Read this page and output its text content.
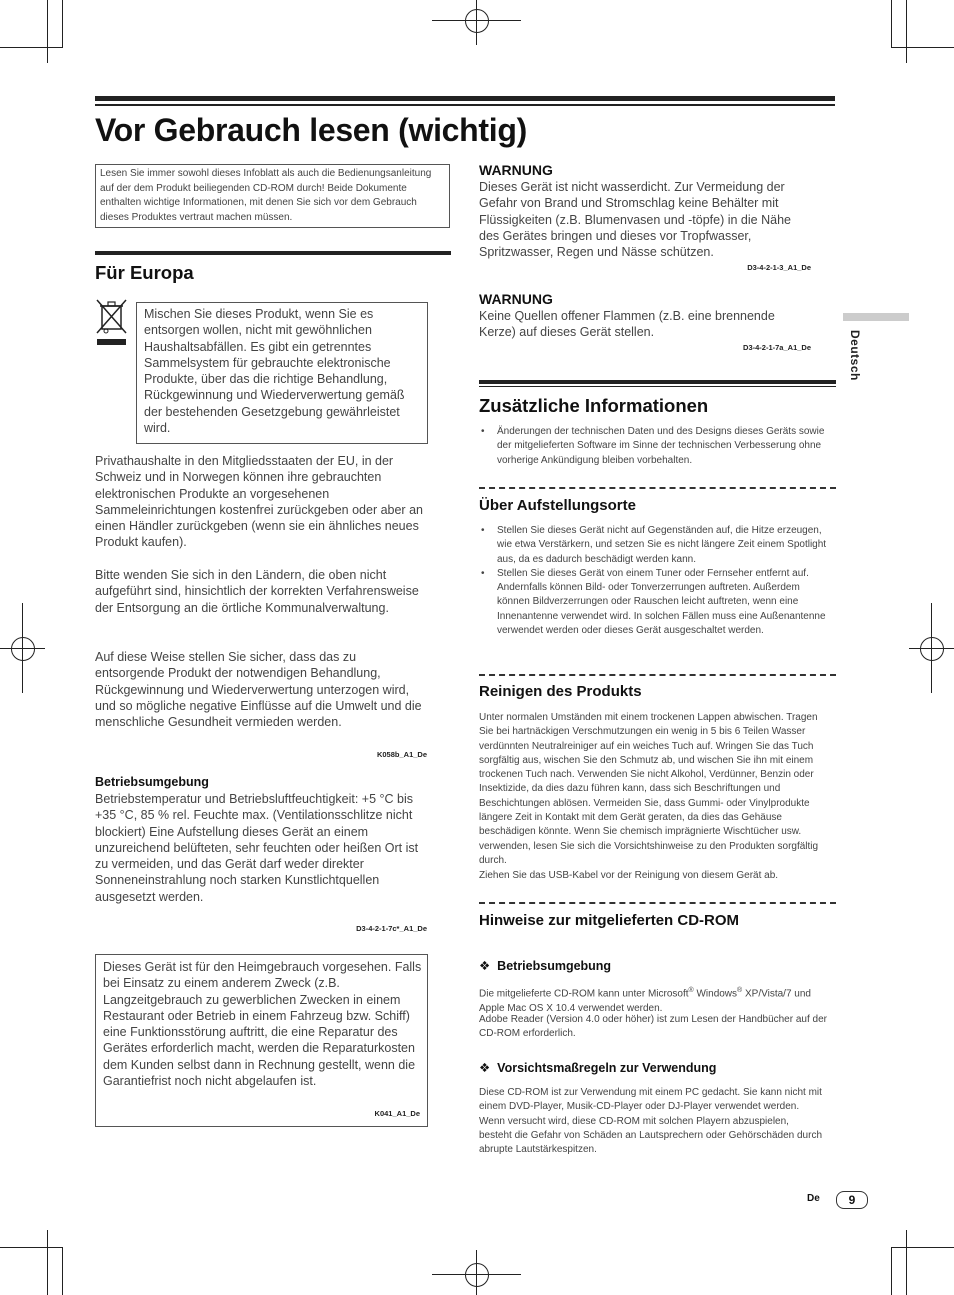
Vor Gebrauch lesen (wichtig)
Lesen Sie immer sowohl dieses Infoblatt als auch die Bedienungsanleitung auf der dem Produkt beiliegenden CD-ROM durch! Beide Dokumente enthalten wichtige Informationen, mit denen Sie sich vor dem Gebrauch dieses Produktes vertraut machen müssen.
Für Europa
Mischen Sie dieses Produkt, wenn Sie es entsorgen wollen, nicht mit gewöhnlichen Haushaltsabfällen. Es gibt ein getrenntes Sammelsystem für gebrauchte elektronische Produkte, über das die richtige Behandlung, Rückgewinnung und Wiederverwertung gemäß der bestehenden Gesetzgebung gewährleistet wird.
Privathaushalte in den Mitgliedsstaaten der EU, in der Schweiz und in Norwegen können ihre gebrauchten elektronischen Produkte an vorgesehenen Sammeleinrichtungen kostenfrei zurückgeben oder aber an einen Händler zurückgeben (wenn sie ein ähnliches neues Produkt kaufen).
Bitte wenden Sie sich in den Ländern, die oben nicht aufgeführt sind, hinsichtlich der korrekten Verfahrensweise der Entsorgung an die örtliche Kommunalverwaltung.
Auf diese Weise stellen Sie sicher, dass das zu entsorgende Produkt der notwendigen Behandlung, Rückgewinnung und Wiederverwertung unterzogen wird, und so mögliche negative Einflüsse auf die Umwelt und die menschliche Gesundheit vermieden werden.
K058b_A1_De
Betriebsumgebung
Betriebstemperatur und Betriebsluftfeuchtigkeit: +5 °C bis +35 °C, 85 % rel. Feuchte max. (Ventilationsschlitze nicht blockiert) Eine Aufstellung dieses Gerät an einem unzureichend belüfteten, sehr feuchten oder heißen Ort ist zu vermeiden, und das Gerät darf weder direkter Sonneneinstrahlung noch starken Kunstlichtquellen ausgesetzt werden.
D3-4-2-1-7c*_A1_De
Dieses Gerät ist für den Heimgebrauch vorgesehen. Falls bei Einsatz zu einem anderem Zweck (z.B. Langzeitgebrauch zu gewerblichen Zwecken in einem Restaurant oder Betrieb in einem Fahrzeug bzw. Schiff) eine Funktionsstörung auftritt, die eine Reparatur des Gerätes erforderlich macht, werden die Reparaturkosten dem Kunden selbst dann in Rechnung gestellt, wenn die Garantiefrist noch nicht abgelaufen ist.
K041_A1_De
WARNUNG
Dieses Gerät ist nicht wasserdicht. Zur Vermeidung der Gefahr von Brand und Stromschlag keine Behälter mit Flüssigkeiten (z.B. Blumenvasen und -töpfe) in die Nähe des Gerätes bringen und dieses vor Tropfwasser, Spritzwasser, Regen und Nässe schützen.
D3-4-2-1-3_A1_De
WARNUNG
Keine Quellen offener Flammen (z.B. eine brennende Kerze) auf dieses Gerät stellen.
D3-4-2-1-7a_A1_De
Zusätzliche Informationen
• Änderungen der technischen Daten und des Designs dieses Geräts sowie der mitgelieferten Software im Sinne der technischen Verbesserung ohne vorherige Ankündigung bleiben vorbehalten.
Über Aufstellungsorte
• Stellen Sie dieses Gerät nicht auf Gegenständen auf, die Hitze erzeugen, wie etwa Verstärkern, und setzen Sie es nicht längere Zeit einem Spotlight aus, da es dadurch beschädigt werden kann.
• Stellen Sie dieses Gerät von einem Tuner oder Fernseher entfernt auf. Andernfalls können Bild- oder Tonverzerrungen auftreten. Außerdem können Bildverzerrungen oder Rauschen leicht auftreten, wenn eine Innenantenne verwendet wird. In solchen Fällen muss eine Außenantenne verwendet werden oder dieses Gerät ausgeschaltet werden.
Reinigen des Produkts
Unter normalen Umständen mit einem trockenen Lappen abwischen. Tragen Sie bei hartnäckigen Verschmutzungen ein wenig in 5 bis 6 Teilen Wasser verdünnten Neutralreiniger auf ein weiches Tuch auf. Wringen Sie das Tuch sorgfältig aus, wischen Sie den Schmutz ab, und wischen Sie ihn mit einem trockenen Tuch nach. Verwenden Sie nicht Alkohol, Verdünner, Benzin oder Insektizide, da dies dazu führen kann, dass sich Beschriftungen und Beschichtungen ablösen. Vermeiden Sie, dass Gummi- oder Vinylprodukte längere Zeit in Kontakt mit dem Gerät geraten, da dies das Gehäuse beschädigen könnte. Wenn Sie chemisch imprägnierte Wischtücher usw. verwenden, lesen Sie sich die Vorsichtshinweise zu den Produkten sorgfältig durch.
Ziehen Sie das USB-Kabel vor der Reinigung von diesem Gerät ab.
Hinweise zur mitgelieferten CD-ROM
❖ Betriebsumgebung
Die mitgelieferte CD-ROM kann unter Microsoft® Windows® XP/Vista/7 und Apple Mac OS X 10.4 verwendet werden.
Adobe Reader (Version 4.0 oder höher) ist zum Lesen der Handbücher auf der CD-ROM erforderlich.
❖ Vorsichtsmaßregeln zur Verwendung
Diese CD-ROM ist zur Verwendung mit einem PC gedacht. Sie kann nicht mit einem DVD-Player, Musik-CD-Player oder DJ-Player verwendet werden. Wenn versucht wird, diese CD-ROM mit solchen Playern abzuspielen, besteht die Gefahr von Schäden an Lautsprechern oder Gehörschäden durch abrupte Lautstärkespitzen.
Deutsch
De	9
